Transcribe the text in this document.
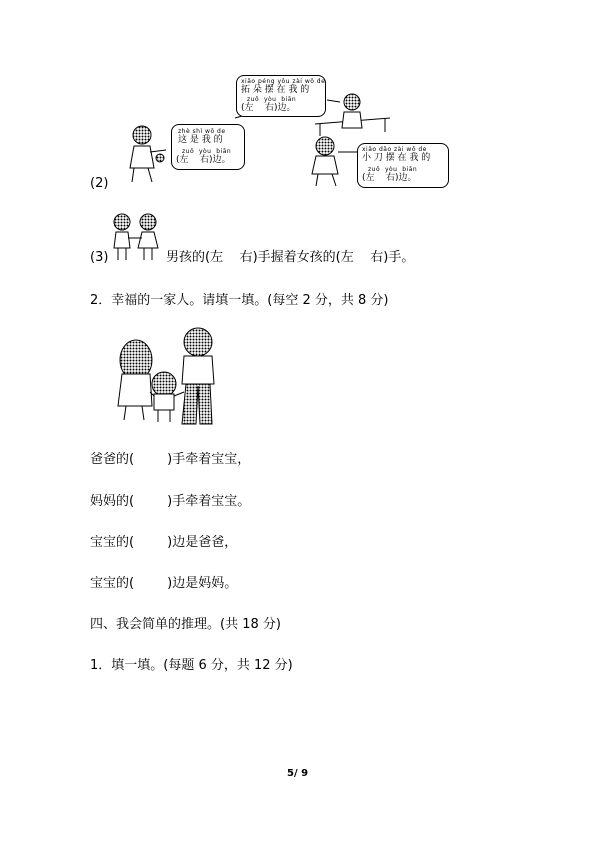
zhè shì wǒ de
这 是 我 的
zuǒ  yòu  biān
(左    右)边。
xiǎo péng yǒu zài wǒ de
拓 朵 摆 在 我 的
zuǒ  yòu  biān
(左    右)边。
xiǎo dāo zài wǒ de
小 刀 摆 在 我 的
zuǒ  yòu  biān
(左    右)边。
(2)
(3)	男孩的(左    右)手握着女孩的(左    右)手。
2．幸福的一家人。请填一填。(每空 2 分，共 8 分)
爸爸的(        )手牵着宝宝，
妈妈的(        )手牵着宝宝。
宝宝的(        )边是爸爸，
宝宝的(        )边是妈妈。
四、我会简单的推理。(共 18 分)
1．填一填。(每题 6 分，共 12 分)
5/ 9
